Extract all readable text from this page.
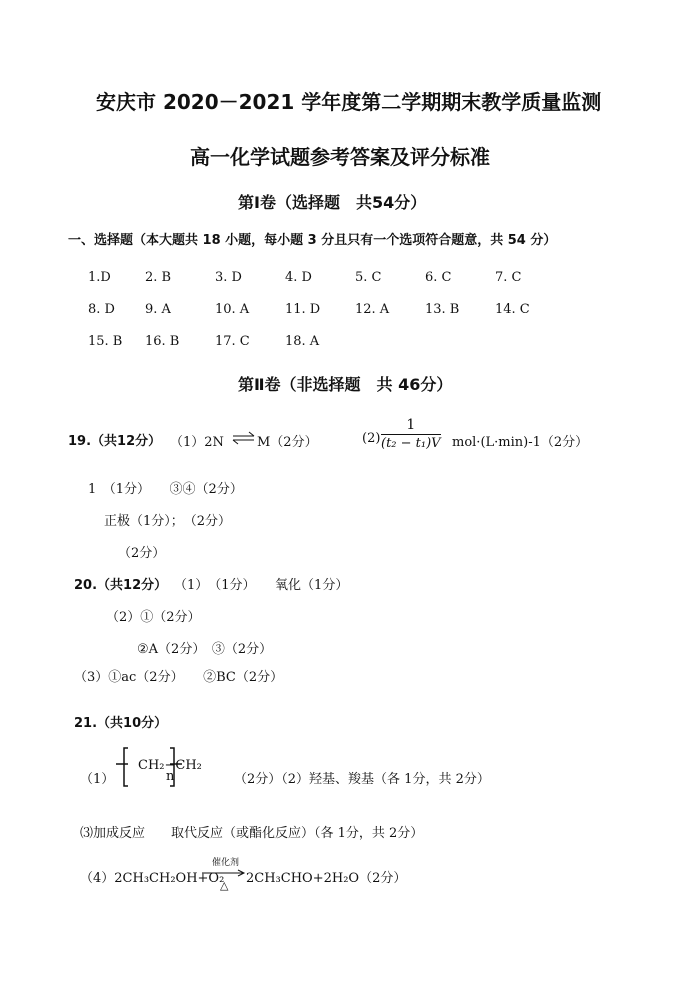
安庆市 2020－2021 学年度第二学期期末教学质量监测
高一化学试题参考答案及评分标准
第Ⅰ卷（选择题　共54分）
一、选择题（本大题共 18 小题，每小题 3 分且只有一个选项符合题意，共 54 分）
1.D	2. B	3. D	4. D	5. C	6. C	7. C
8. D 9. A	10. A	11. D	12. A	13. B	14. C
15. B 16. B	17. C	18. A
第Ⅱ卷（非选择题　共 46分）
19.（共12分） （1）2N ⇌ M（2分）	$(2) \frac{1}{\text{(t₂ − t₁)V}} mol\cdot(L\cdot\min)-1(2$分）
1　（1分）　　③④（2分）
正极（1分）；　（2分）
（2分）
20.（共12分） （1）　（1分）　　氧化（1分）
（2）①（2分）
②A（2分）　③（2分）
（3）①ac（2分）　　②BC（2分）
21.（共10分）
（1）
CH₂−CH₂
n	（2分）（2）羟基、羧基（各 1分，共 2分）
⑶加成反应　　取代反应（或酯化反应）（各 1分，共 2分）
（4）2CH₃CH₂OH+O₂
催化剂
△ 2CH₃CHO+2H₂O（2分）
